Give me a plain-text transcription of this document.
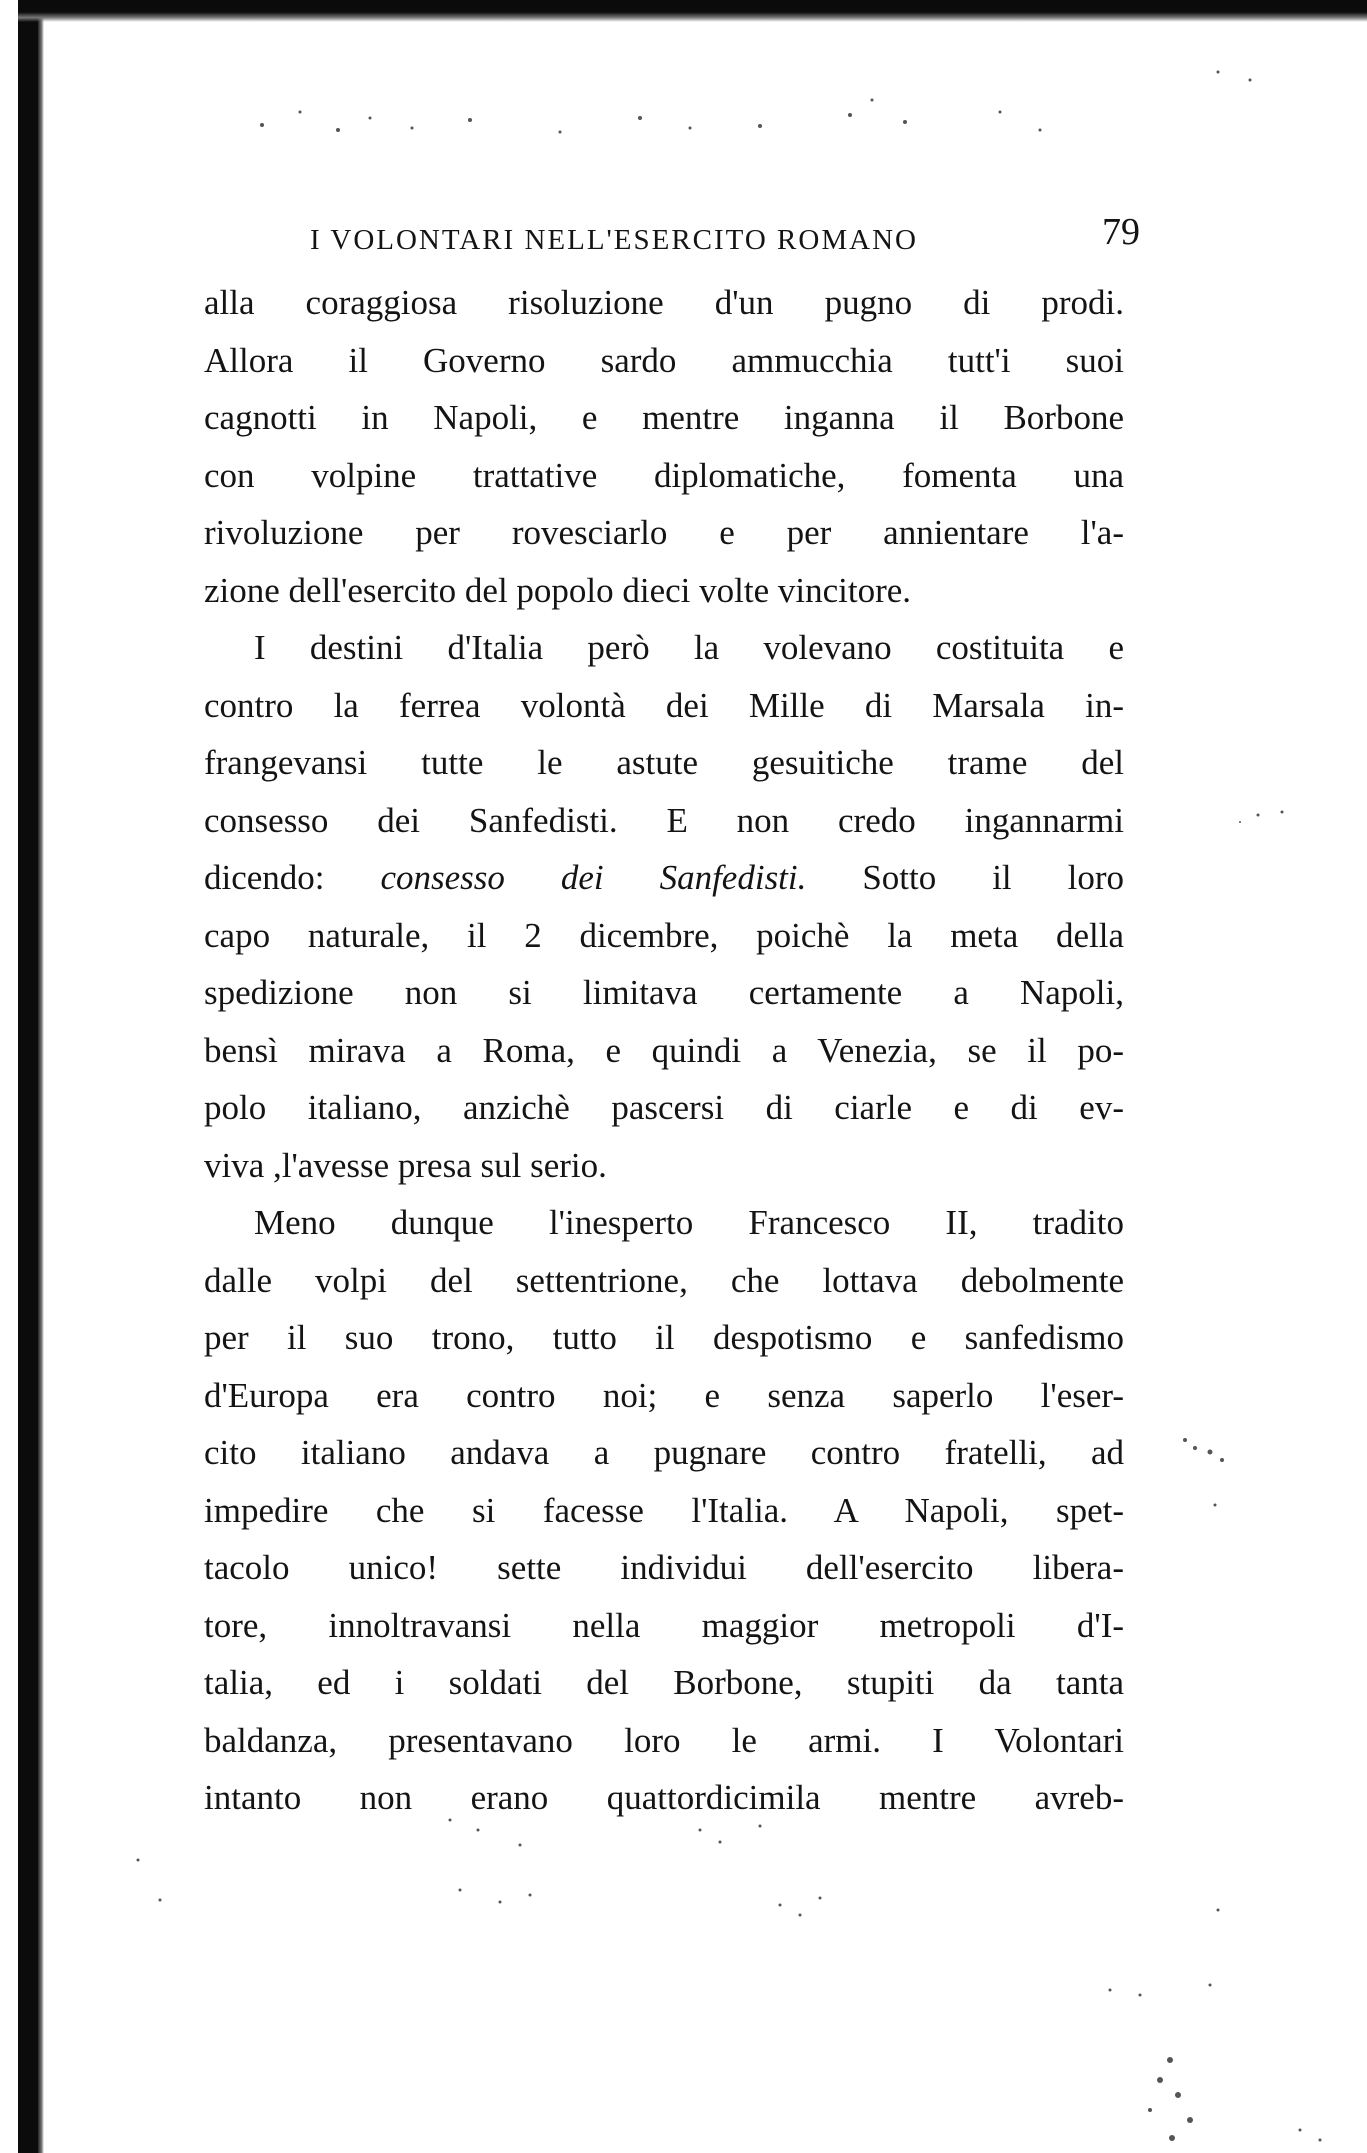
I VOLONTARI NELL'ESERCITO ROMANO	79
alla coraggiosa risoluzione d'un pugno di prodi.
Allora il Governo sardo ammucchia tutt'i suoi
cagnotti in Napoli, e mentre inganna il Borbone
con volpine trattative diplomatiche, fomenta una
rivoluzione per rovesciarlo e per annientare l'a-
zione dell'esercito del popolo dieci volte vincitore.
I destini d'Italia però la volevano costituita e
contro la ferrea volontà dei Mille di Marsala in-
frangevansi tutte le astute gesuitiche trame del
consesso dei Sanfedisti. E non credo ingannarmi
dicendo: consesso dei Sanfedisti. Sotto il loro
capo naturale, il 2 dicembre, poichè la meta della
spedizione non si limitava certamente a Napoli,
bensì mirava a Roma, e quindi a Venezia, se il po-
polo italiano, anzichè pascersi di ciarle e di ev-
viva ,l'avesse presa sul serio.
Meno dunque l'inesperto Francesco II, tradito
dalle volpi del settentrione, che lottava debolmente
per il suo trono, tutto il despotismo e sanfedismo
d'Europa era contro noi; e senza saperlo l'eser-
cito italiano andava a pugnare contro fratelli, ad
impedire che si facesse l'Italia. A Napoli, spet-
tacolo unico! sette individui dell'esercito libera-
tore, innoltravansi nella maggior metropoli d'I-
talia, ed i soldati del Borbone, stupiti da tanta
baldanza, presentavano loro le armi. I Volontari
intanto non erano quattordicimila mentre avreb-
